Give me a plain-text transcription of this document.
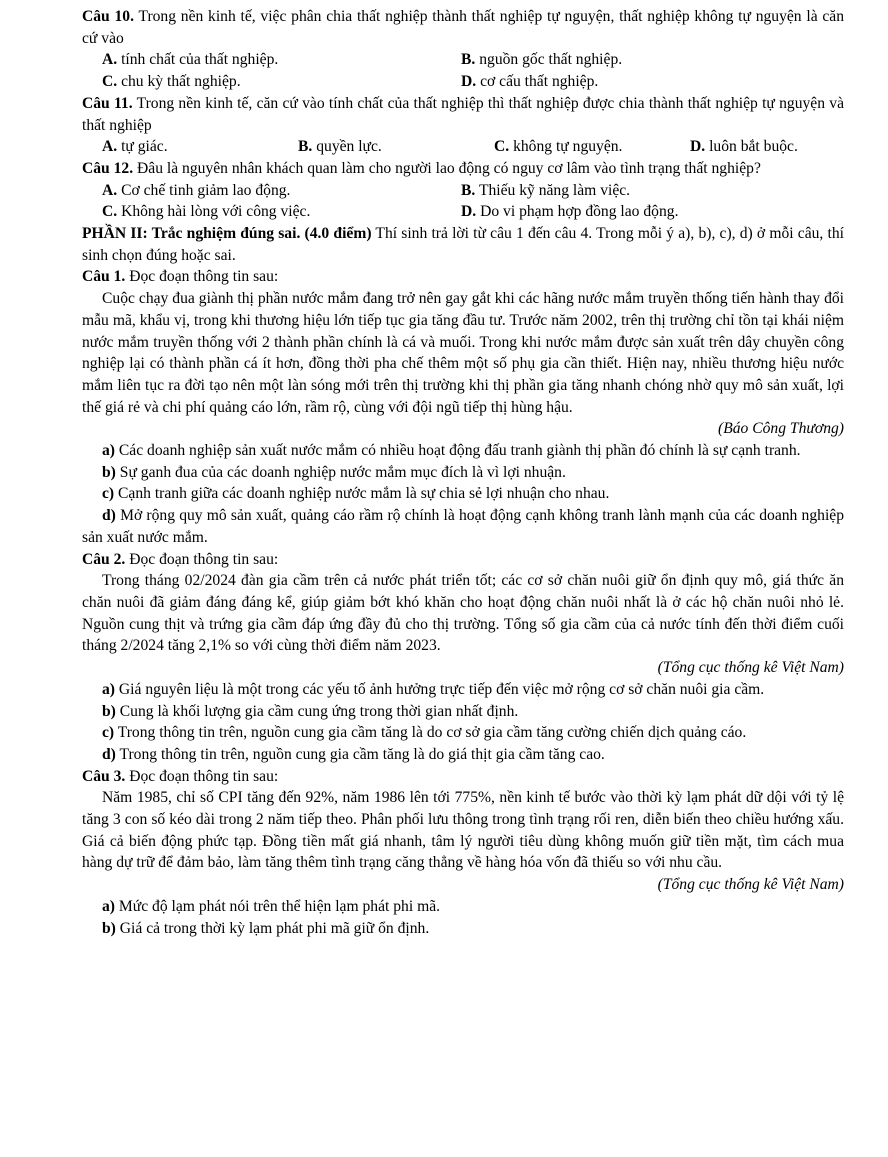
Câu 10. Trong nền kinh tế, việc phân chia thất nghiệp thành thất nghiệp tự nguyện, thất nghiệp không tự nguyện là căn cứ vào

A. tính chất của thất nghiệp.	B. nguồn gốc thất nghiệp.
C. chu kỳ thất nghiệp.	D. cơ cấu thất nghiệp.

Câu 11. Trong nền kinh tế, căn cứ vào tính chất của thất nghiệp thì thất nghiệp được chia thành thất nghiệp tự nguyện và thất nghiệp

A. tự giác.	B. quyền lực.	C. không tự nguyện.	D. luôn bắt buộc.

Câu 12. Đâu là nguyên nhân khách quan làm cho người lao động có nguy cơ lâm vào tình trạng thất nghiệp?

A. Cơ chế tinh giảm lao động.	B. Thiếu kỹ năng làm việc.
C. Không hài lòng với công việc.	D. Do vi phạm hợp đồng lao động.

PHẦN II: Trắc nghiệm đúng sai. (4.0 điểm) Thí sinh trả lời từ câu 1 đến câu 4. Trong mỗi ý a), b), c), d) ở mỗi câu, thí sinh chọn đúng hoặc sai.

Câu 1. Đọc đoạn thông tin sau:

Cuộc chạy đua giành thị phần nước mắm đang trở nên gay gắt khi các hãng nước mắm truyền thống tiến hành thay đổi mẫu mã, khẩu vị, trong khi thương hiệu lớn tiếp tục gia tăng đầu tư. Trước năm 2002, trên thị trường chỉ tồn tại khái niệm nước mắm truyền thống với 2 thành phần chính là cá và muối. Trong khi nước mắm được sản xuất trên dây chuyền công nghiệp lại có thành phần cá ít hơn, đồng thời pha chế thêm một số phụ gia cần thiết. Hiện nay, nhiều thương hiệu nước mắm liên tục ra đời tạo nên một làn sóng mới trên thị trường khi thị phần gia tăng nhanh chóng nhờ quy mô sản xuất, lợi thế giá rẻ và chi phí quảng cáo lớn, rầm rộ, cùng với đội ngũ tiếp thị hùng hậu.

(Báo Công Thương)

a) Các doanh nghiệp sản xuất nước mắm có nhiều hoạt động đấu tranh giành thị phần đó chính là sự cạnh tranh.

b) Sự ganh đua của các doanh nghiệp nước mắm mục đích là vì lợi nhuận.

c) Cạnh tranh giữa các doanh nghiệp nước mắm là sự chia sẻ lợi nhuận cho nhau.

d) Mở rộng quy mô sản xuất, quảng cáo rầm rộ chính là hoạt động cạnh không tranh lành mạnh của các doanh nghiệp sản xuất nước mắm.

Câu 2. Đọc đoạn thông tin sau:

Trong tháng 02/2024 đàn gia cầm trên cả nước phát triển tốt; các cơ sở chăn nuôi giữ ổn định quy mô, giá thức ăn chăn nuôi đã giảm đáng đáng kể, giúp giảm bớt khó khăn cho hoạt động chăn nuôi nhất là ở các hộ chăn nuôi nhỏ lẻ. Nguồn cung thịt và trứng gia cầm đáp ứng đầy đủ cho thị trường. Tổng số gia cầm của cả nước tính đến thời điểm cuối tháng 2/2024 tăng 2,1% so với cùng thời điểm năm 2023.

(Tổng cục thống kê Việt Nam)

a) Giá nguyên liệu là một trong các yếu tố ảnh hưởng trực tiếp đến việc mở rộng cơ sở chăn nuôi gia cầm.

b) Cung là khối lượng gia cầm cung ứng trong thời gian nhất định.

c) Trong thông tin trên, nguồn cung gia cầm tăng là do cơ sở gia cầm tăng cường chiến dịch quảng cáo.

d) Trong thông tin trên, nguồn cung gia cầm tăng là do giá thịt gia cầm tăng cao.

Câu 3. Đọc đoạn thông tin sau:

Năm 1985, chỉ số CPI tăng đến 92%, năm 1986 lên tới 775%, nền kinh tế bước vào thời kỳ lạm phát dữ dội với tỷ lệ tăng 3 con số kéo dài trong 2 năm tiếp theo. Phân phối lưu thông trong tình trạng rối ren, diễn biến theo chiều hướng xấu. Giá cả biến động phức tạp. Đồng tiền mất giá nhanh, tâm lý người tiêu dùng không muốn giữ tiền mặt, tìm cách mua hàng dự trữ để đảm bảo, làm tăng thêm tình trạng căng thẳng về hàng hóa vốn đã thiếu so với nhu cầu.

(Tổng cục thống kê Việt Nam)

a) Mức độ lạm phát nói trên thể hiện lạm phát phi mã.

b) Giá cả trong thời kỳ lạm phát phi mã giữ ổn định.
